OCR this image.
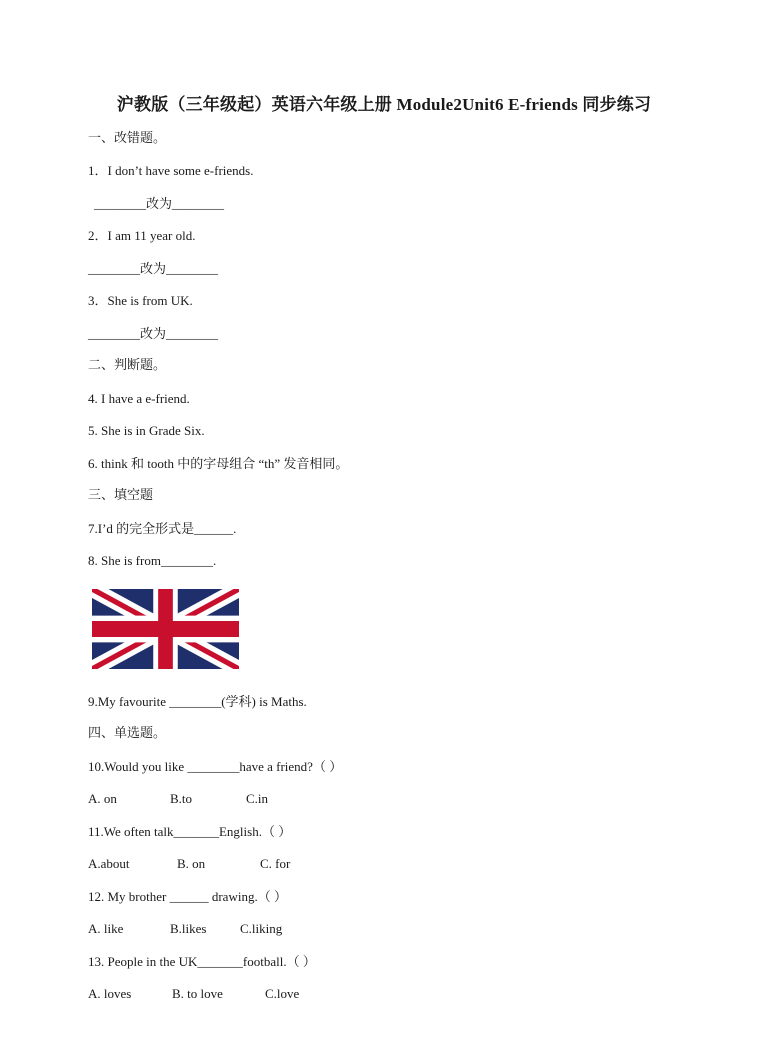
沪教版（三年级起）英语六年级上册 Module2Unit6 E-friends 同步练习
一、改错题。
1．I don’t have some e-friends.
________改为________
2．I am 11 year old.
________改为________
3．She is from UK.
________改为________
二、判断题。
4. I have a e-friend.
5. She is in Grade Six.
6. think 和 tooth 中的字母组合 “th” 发音相同。
三、填空题
7.I’d 的完全形式是______.
8. She is from________.
9.My favourite ________(学科) is Maths.
四、单选题。
10.Would you like ________have a friend?（ ）
A. on	B.to	C.in
11.We often talk_______English.（ ）
A.about	B. on	C. for
12. My brother ______ drawing.（ ）
A. like	B.likes	C.liking
13. People in the UK_______football.（ ）
A. loves	B. to love	C.love
